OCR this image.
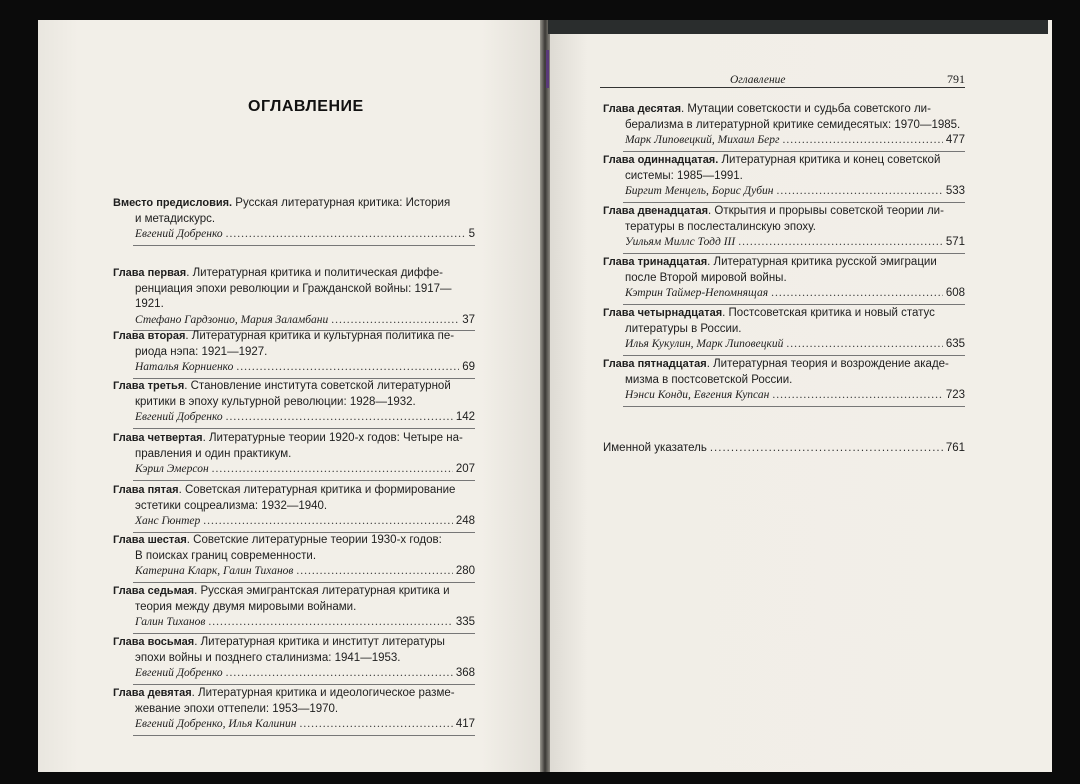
ОГЛАВЛЕНИЕ
Вместо предисловия. Русская литературная критика: История
и метадискурс.
Евгений Добренко .....	5
Глава первая. Литературная критика и политическая диффе-
ренциация эпохи революции и Гражданской войны: 1917—
1921.
Стефано Гардзонио, Мария Заламбани .....	37
Глава вторая. Литературная критика и культурная политика пе-
риода нэпа: 1921—1927.
Наталья Корниенко .....	69
Глава третья. Становление института советской литературной
критики в эпоху культурной революции: 1928—1932.
Евгений Добренко .....	142
Глава четвертая. Литературные теории 1920-х годов: Четыре на-
правления и один практикум.
Кэрил Эмерсон .....	207
Глава пятая. Советская литературная критика и формирование
эстетики соцреализма: 1932—1940.
Ханс Гюнтер .....	248
Глава шестая. Советские литературные теории 1930-х годов:
В поисках границ современности.
Катерина Кларк, Галин Тиханов .....	280
Глава седьмая. Русская эмигрантская литературная критика и
теория между двумя мировыми войнами.
Галин Тиханов .....	335
Глава восьмая. Литературная критика и институт литературы
эпохи войны и позднего сталинизма: 1941—1953.
Евгений Добренко .....	368
Глава девятая. Литературная критика и идеологическое разме-
жевание эпохи оттепели: 1953—1970.
Евгений Добренко, Илья Калинин .....	417
Глава десятая. Мутации советскости и судьба советского ли-
берализма в литературной критике семидесятых: 1970—1985.
Марк Липовецкий, Михаил Берг .....	477
Глава одиннадцатая. Литературная критика и конец советской
системы: 1985—1991.
Биргит Менцель, Борис Дубин .....	533
Глава двенадцатая. Открытия и прорывы советской теории ли-
тературы в послесталинскую эпоху.
Уильям Миллс Тодд III .....	571
Глава тринадцатая. Литературная критика русской эмиграции
после Второй мировой войны.
Кэтрин Таймер-Непомнящая .....	608
Глава четырнадцатая. Постсоветская критика и новый статус
литературы в России.
Илья Кукулин, Марк Липовецкий .....	635
Глава пятнадцатая. Литературная теория и возрождение акаде-
мизма в постсоветской России.
Нэнси Конди, Евгения Купсан .....	723
Оглавление	791
Именной указатель .....	761
